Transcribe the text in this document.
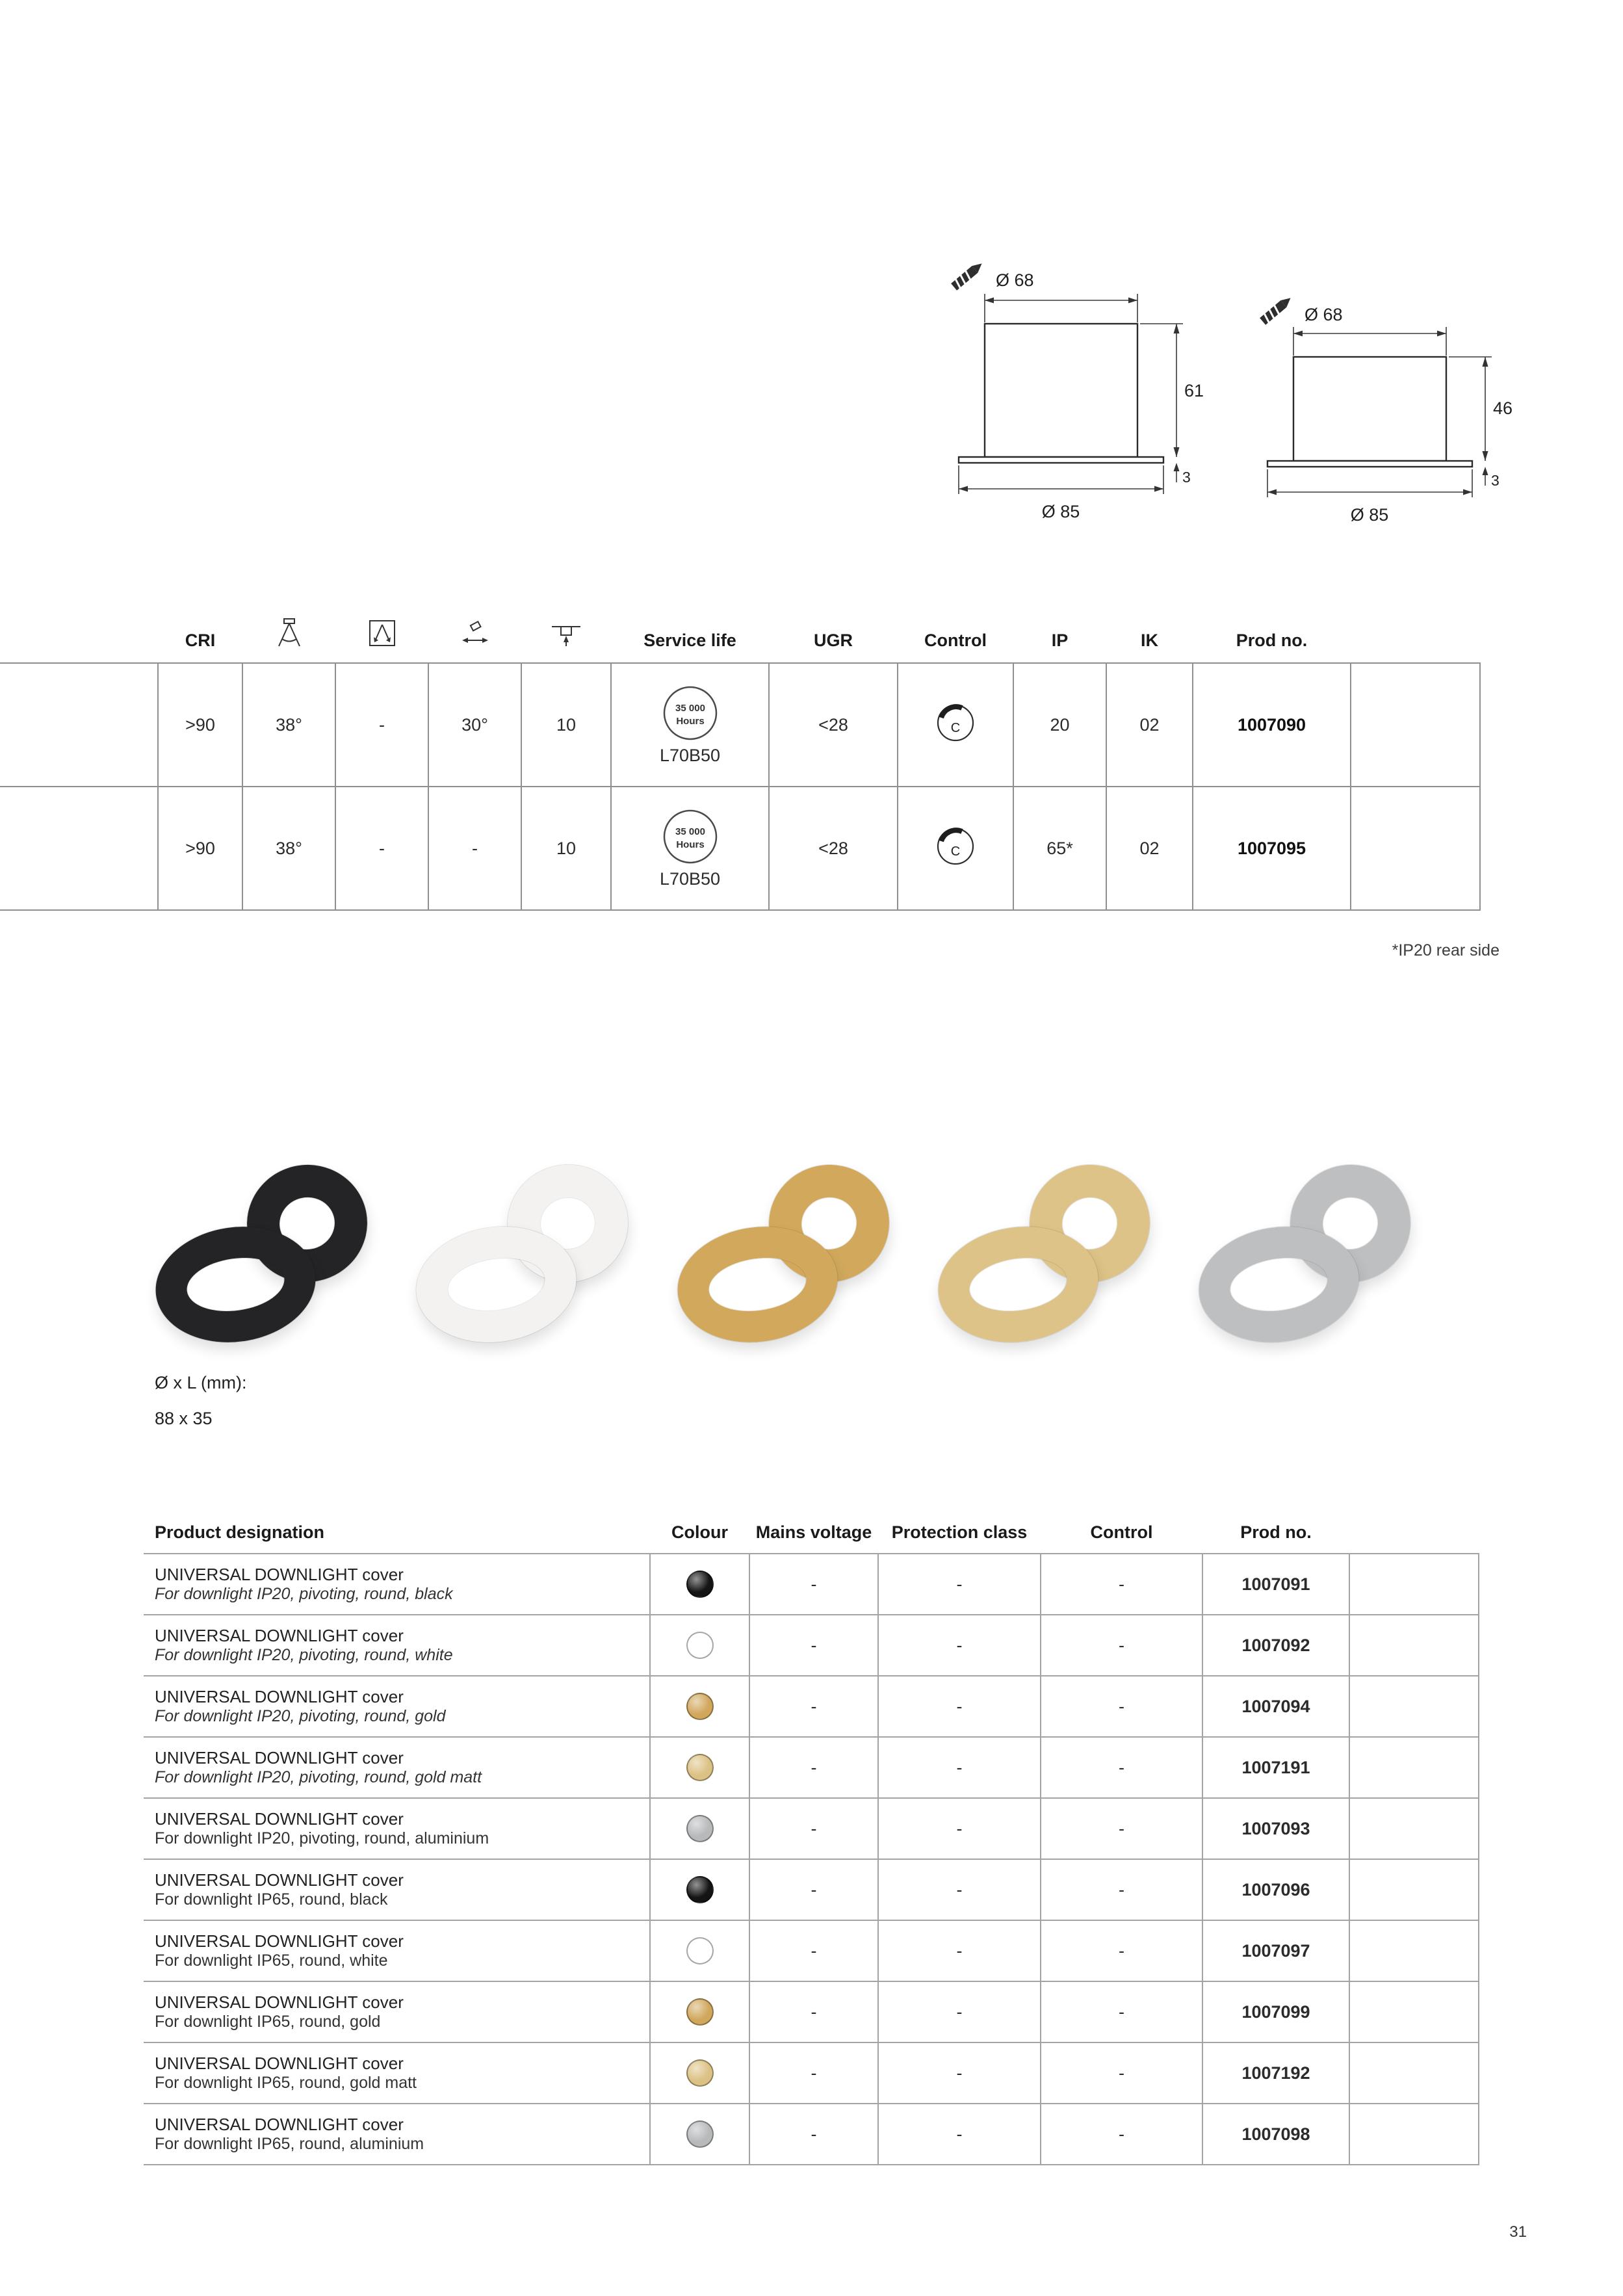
Ø 68
61
3
Ø 85
Ø 68
46
3
Ø 85
	CRI					Service life	UGR	Control	IP	IK	Prod no.	
	>90	38°	-	30°	10	35 000
Hours
L70B50	<28	C	20	02	1007090	
	>90	38°	-	-	10	35 000
Hours
L70B50	<28	C	65*	02	1007095	
*IP20 rear side
Ø x L (mm):
88 x 35
Product designation	Colour	Mains voltage	Protection class	Control	Prod no.	

UNIVERSAL DOWNLIGHT cover
For downlight IP20, pivoting, round, black		-	-	-	1007091	

UNIVERSAL DOWNLIGHT cover
For downlight IP20, pivoting, round, white		-	-	-	1007092	

UNIVERSAL DOWNLIGHT cover
For downlight IP20, pivoting, round, gold		-	-	-	1007094	

UNIVERSAL DOWNLIGHT cover
For downlight IP20, pivoting, round, gold matt		-	-	-	1007191	

UNIVERSAL DOWNLIGHT cover
For downlight IP20, pivoting, round, aluminium		-	-	-	1007093	

UNIVERSAL DOWNLIGHT cover
For downlight IP65, round, black		-	-	-	1007096	

UNIVERSAL DOWNLIGHT cover
For downlight IP65, round, white		-	-	-	1007097	

UNIVERSAL DOWNLIGHT cover
For downlight IP65, round, gold		-	-	-	1007099	

UNIVERSAL DOWNLIGHT cover
For downlight IP65, round, gold matt		-	-	-	1007192	

UNIVERSAL DOWNLIGHT cover
For downlight IP65, round, aluminium		-	-	-	1007098	
31
